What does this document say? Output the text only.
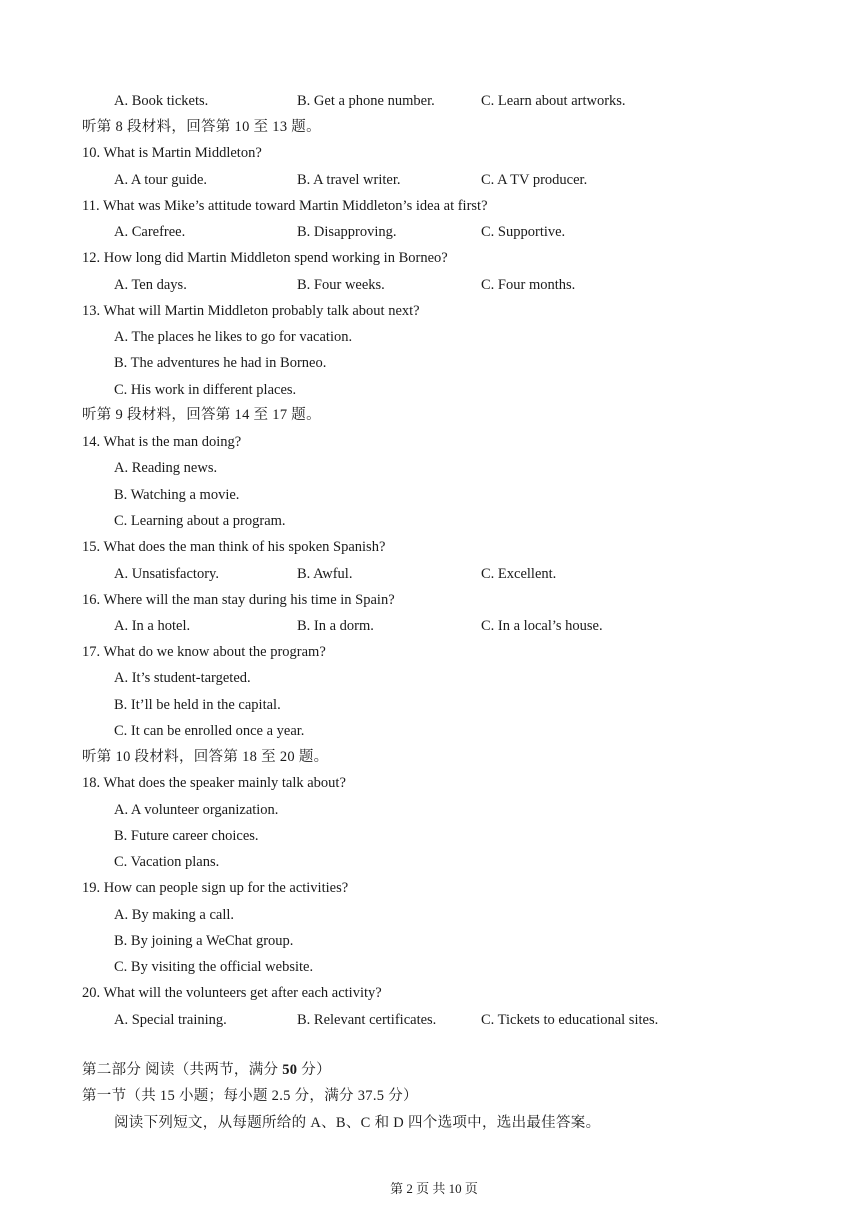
A. Book tickets.	B. Get a phone number.	C. Learn about artworks.
听第 8 段材料，回答第 10 至 13 题。
10. What is Martin Middleton?
A. A tour guide.	B. A travel writer.	C. A TV producer.
11. What was Mike’s attitude toward Martin Middleton’s idea at first?
A. Carefree.	B. Disapproving.	C. Supportive.
12. How long did Martin Middleton spend working in Borneo?
A. Ten days.	B. Four weeks.	C. Four months.
13. What will Martin Middleton probably talk about next?
A. The places he likes to go for vacation.
B. The adventures he had in Borneo.
C. His work in different places.
听第 9 段材料，回答第 14 至 17 题。
14. What is the man doing?
A. Reading news.
B. Watching a movie.
C. Learning about a program.
15. What does the man think of his spoken Spanish?
A. Unsatisfactory.	B. Awful.	C. Excellent.
16. Where will the man stay during his time in Spain?
A. In a hotel.	B. In a dorm.	C. In a local’s house.
17. What do we know about the program?
A. It’s student-targeted.
B. It’ll be held in the capital.
C. It can be enrolled once a year.
听第 10 段材料，回答第 18 至 20 题。
18. What does the speaker mainly talk about?
A. A volunteer organization.
B. Future career choices.
C. Vacation plans.
19. How can people sign up for the activities?
A. By making a call.
B. By joining a WeChat group.
C. By visiting the official website.
20. What will the volunteers get after each activity?
A. Special training.	B. Relevant certificates.	C. Tickets to educational sites.
第二部分 阅读（共两节，满分 50 分）
第一节（共 15 小题；每小题 2.5 分，满分 37.5 分）
阅读下列短文，从每题所给的 A、B、C 和 D 四个选项中，选出最佳答案。
第 2 页 共 10 页
